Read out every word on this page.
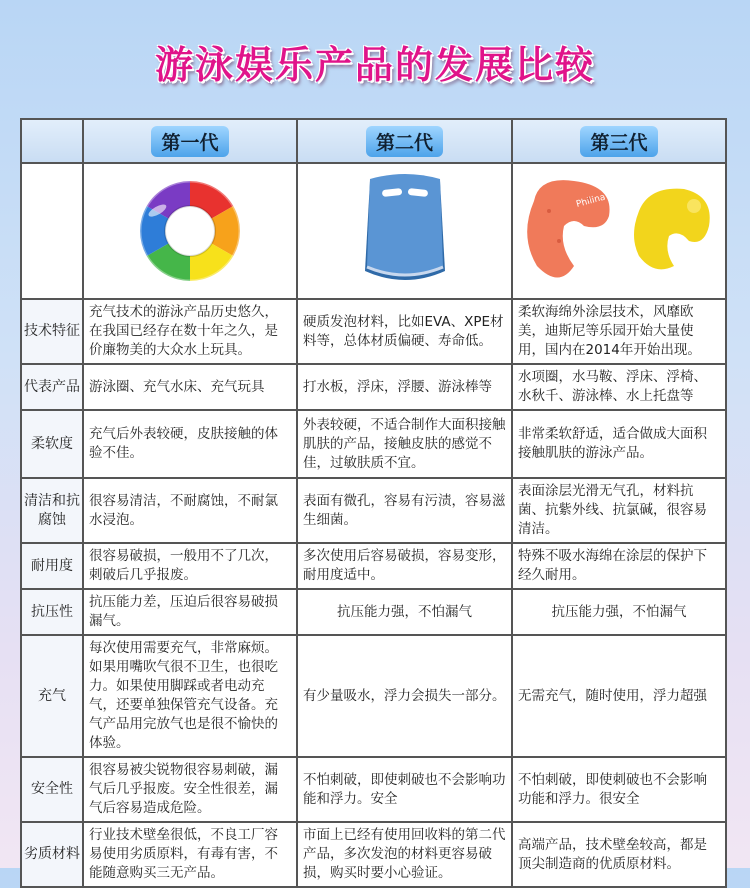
游泳娱乐产品的发展比较
	第一代	第二代	第三代

Philina

技术特征	充气技术的游泳产品历史悠久，在我国已经存在数十年之久，是价廉物美的大众水上玩具。	硬质发泡材料，比如EVA、XPE材料等，总体材质偏硬、寿命低。	柔软海绵外涂层技术，风靡欧美，迪斯尼等乐园开始大量使用，国内在2014年开始出现。
代表产品	游泳圈、充气水床、充气玩具	打水板，浮床，浮腰、游泳棒等	水项圈，水马鞍、浮床、浮椅、水秋千、游泳棒、水上托盘等
柔软度	充气后外表较硬，皮肤接触的体验不佳。	外表较硬，不适合制作大面积接触肌肤的产品，接触皮肤的感觉不佳，过敏肤质不宜。	非常柔软舒适，适合做成大面积接触肌肤的游泳产品。
清洁和抗腐蚀	很容易清洁，不耐腐蚀，不耐氯水浸泡。	表面有微孔，容易有污渍，容易滋生细菌。	表面涂层光滑无气孔，材料抗菌、抗紫外线、抗氯碱，很容易清洁。
耐用度	很容易破损，一般用不了几次，刺破后几乎报废。	多次使用后容易破损，容易变形，耐用度适中。	特殊不吸水海绵在涂层的保护下经久耐用。
抗压性	抗压能力差，压迫后很容易破损漏气。	抗压能力强，不怕漏气	抗压能力强，不怕漏气
充气	每次使用需要充气，非常麻烦。如果用嘴吹气很不卫生，也很吃力。如果使用脚踩或者电动充气，还要单独保管充气设备。充气产品用完放气也是很不愉快的体验。	有少量吸水，浮力会损失一部分。	无需充气，随时使用，浮力超强
安全性	很容易被尖锐物很容易刺破，漏气后几乎报废。安全性很差，漏气后容易造成危险。	不怕刺破，即使刺破也不会影响功能和浮力。安全	不怕刺破，即使刺破也不会影响功能和浮力。很安全
劣质材料	行业技术壁垒很低，不良工厂容易使用劣质原料，有毒有害，不能随意购买三无产品。	市面上已经有使用回收料的第二代产品，多次发泡的材料更容易破损，购买时要小心验证。	高端产品，技术壁垒较高，都是顶尖制造商的优质原材料。
